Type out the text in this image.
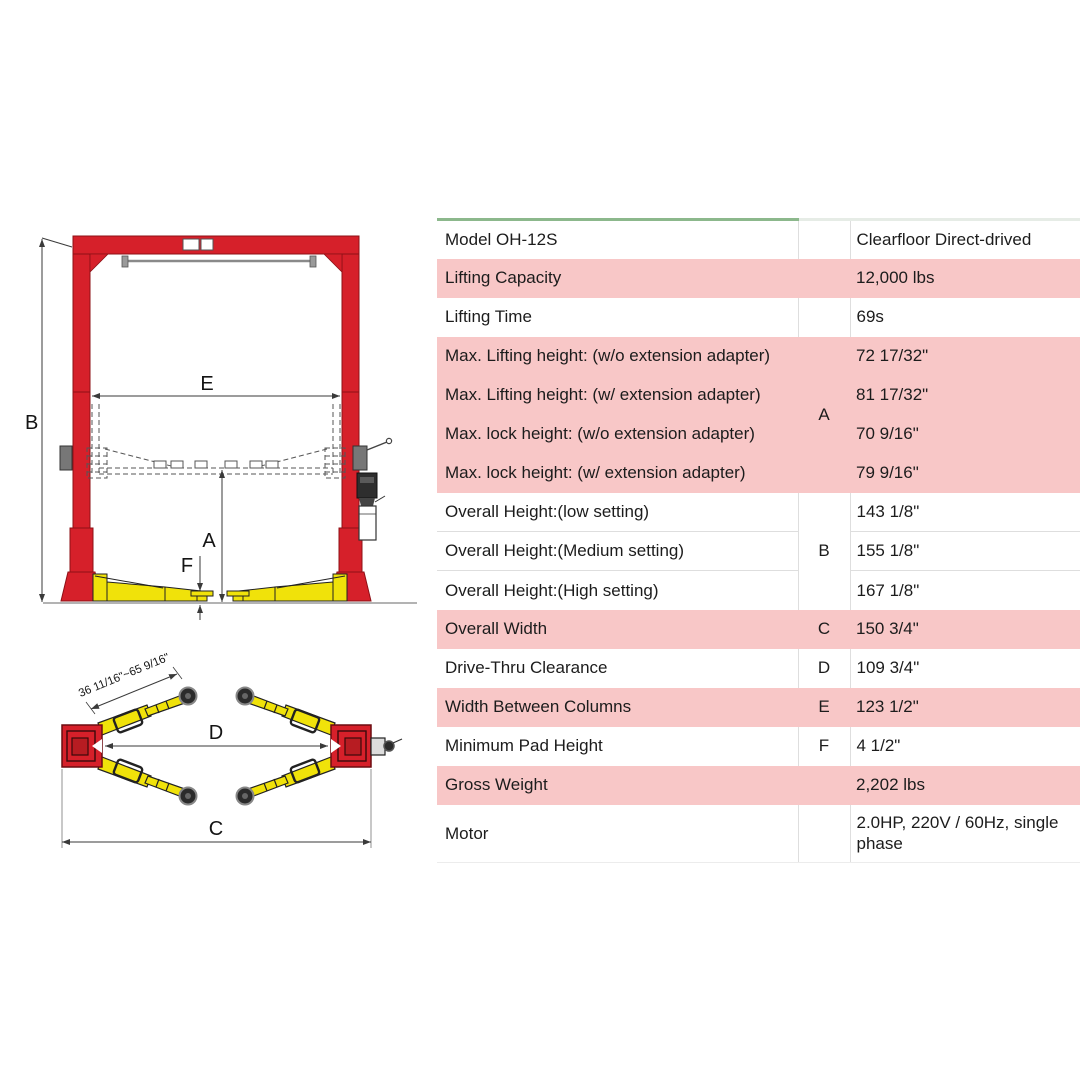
B
E
A
F
36 11/16"~65 9/16"
D
C
Model OH-12S		Clearfloor Direct-drived
Lifting Capacity		12,000 lbs
Lifting Time		69s
Max. Lifting height: (w/o extension adapter)	A	72 17/32"
Max. Lifting height: (w/ extension adapter)		81 17/32"
Max. lock height: (w/o extension adapter)		70 9/16"
Max. lock height: (w/ extension adapter)		79 9/16"
Overall Height:(low setting)	B	143 1/8"
Overall Height:(Medium setting)		155 1/8"
Overall Height:(High setting)		167 1/8"
Overall Width	C	150 3/4"
Drive-Thru Clearance	D	109 3/4"
Width Between Columns	E	123 1/2"
Minimum Pad Height	F	4 1/2"
Gross Weight		2,202 lbs
Motor		2.0HP, 220V / 60Hz, single phase
